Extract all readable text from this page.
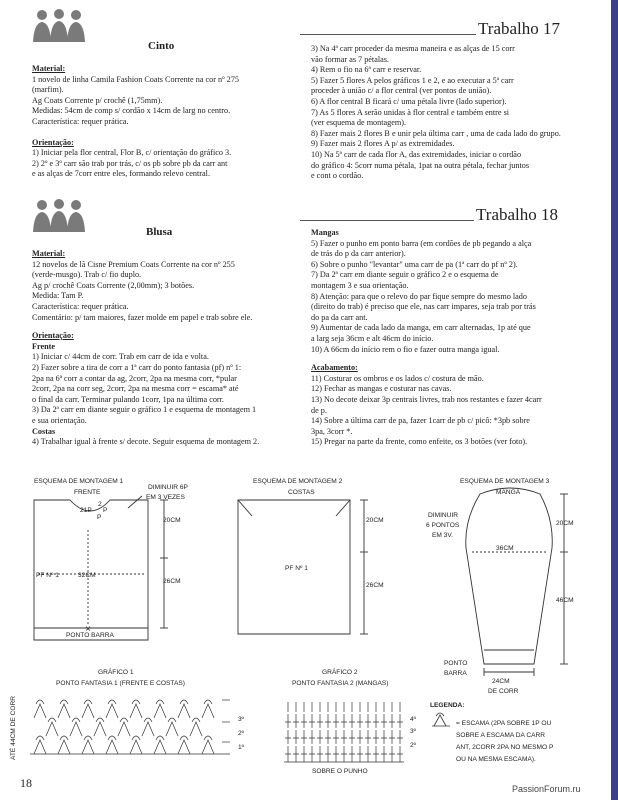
Trabalho 17
Cinto

Material:

1 novelo de linha Camila Fashion Coats Corrente na cor nº 275

(marfim).

Ag Coats Corrente p/ crochê (1,75mm).

Medidas: 54cm de comp s/ cordão x 14cm de larg no centro.

Característica: requer prática.

Orientação:

1) Iniciar pela flor central, Flor B, c/ orientação do gráfico 3.

2) 2º e 3º carr são trab por trás, c/ os pb sobre pb da carr ant

e as alças de 7corr entre eles, formando relevo central.

3) Na 4ª carr proceder da mesma maneira e as alças de 15 corr

vão formar as 7 pétalas.

4) Rem o fio na 6ª carr e reservar.

5) Fazer 5 flores A pelos gráficos 1 e 2, e ao executar a 5ª carr

proceder à união c/ a flor central (ver pontos de união).

6) A flor central B ficará c/ uma pétala livre (lado superior).

7) As 5 flores A serão unidas à flor central e também entre si

(ver esquema de montagem).

8) Fazer mais 2 flores B e unir pela última carr , uma de cada lado do grupo.

9) Fazer mais 2 flores A p/ as extremidades.

10) Na 5ª carr de cada flor A, das extremidades, iniciar o cordão

do gráfico 4: 5corr numa pétala, 1pat na outra pétala, fechar juntos

e cont o cordão.

Trabalho 18
Blusa

Material:

12 novelos de lã Cisne Premium Coats Corrente na cor nº 255

(verde-musgo). Trab c/ fio duplo.

Ag p/ crochê Coats Corrente (2,00mm); 3 botões.

Medida: Tam P.

Característica: requer prática.

Comentário: p/ tam maiores, fazer molde em papel e trab sobre ele.

Orientação:

Frente

1) Iniciar c/ 44cm de corr. Trab em carr de ida e volta.

2) Fazer sobre a tira de corr a 1ª carr do ponto fantasia (pf) nº 1:

2pa na 6ª corr a contar da ag, 2corr, 2pa na mesma corr, *pular

2corr, 2pa na corr seg, 2corr, 2pa na mesma corr = escama* até

o final da carr. Terminar pulando 1corr, 1pa na última corr.

3) Da 2ª carr em diante seguir o gráfico 1 e esquema de montagem 1

e sua orientação.

Costas

4) Trabalhar igual à frente s/ decote. Seguir esquema de montagem 2.

Mangas

5) Fazer o punho em ponto barra (em cordões de pb pegando a alça

de trás do p da carr anterior).

6) Sobre o punho "levantar" uma carr de pa (1ª carr do pf nº 2).

7) Da 2ª carr em diante seguir o gráfico 2 e o esquema de

montagem 3 e sua orientação.

8) Atenção: para que o relevo do par fique sempre do mesmo lado

(direito do trab) é preciso que ele, nas carr impares, seja trab por trás

do pa da carr ant.

9) Aumentar de cada lado da manga, em carr alternadas, 1p até que

a larg seja 36cm e alt 46cm do início.

10) A 66cm do início rem o fio e fazer outra manga igual.

Acabamento:

11) Costurar os ombros e os lados c/ costura de mão.

12) Fechar as mangas e costurar nas cavas.

13) No decote deixar 3p centrais livres, trab nos restantes e fazer 4carr

de p.

14) Sobre a última carr de pa, fazer 1carr de pb c/ picô: *3pb sobre

3pa, 3corr *.

15) Pregar na parte da frente, como enfeite, os 3 botões (ver foto).

×
ESQUEMA DE MONTAGEM 1
FRENTE
DIMINUIR 6P
EM 3 VEZES
21P
2
P
P	20CM
26CM
32CM
PF Nº 1
PONTO BARRA
ESQUEMA DE MONTAGEM 2
COSTAS
20CM
26CM
PF Nº 1
ESQUEMA DE MONTAGEM 3
MANGA
20CM
DIMINUIR
6 PONTOS
EM 3V.
36CM
46CM
PONTO
BARRA
24CM
DE CORR
GRÁFICO 1
PONTO FANTASIA 1 (FRENTE E COSTAS)
ATÉ 44CM DE CORR	3º
2º
1º
GRÁFICO 2
PONTO FANTASIA 2 (MANGAS)
4º
3º
2º
SOBRE O PUNHO
LEGENDA:
= ESCAMA (2PA SOBRE 1P OU
SOBRE A ESCAMA DA CARR
ANT, 2CORR 2PA NO MESMO P
OU NA MESMA ESCAMA).
18	PassionForum.ru
